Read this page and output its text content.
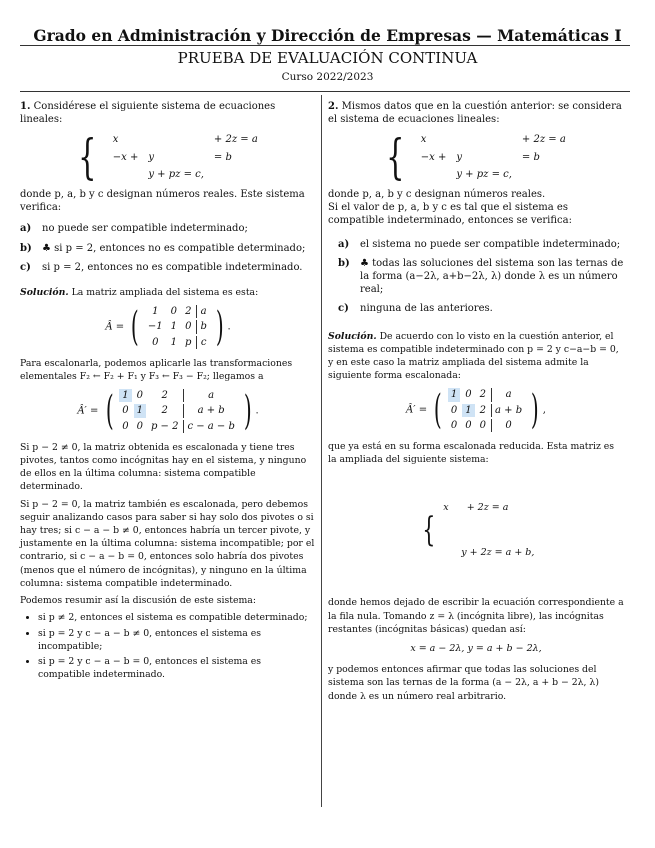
Grado en Administración y Dirección de Empresas — Matemáticas I
PRUEBA DE EVALUACIÓN CONTINUA
Curso 2022/2023

1. Considérese el siguiente sistema de ecuaciones lineales:

{ x		+ 2z = a
−x +	y	= b
	y + pz = c,	

donde p, a, b y c designan números reales. Este sistema verifica:

a)	no puede ser compatible indeterminado;
b)	♣ si p = 2, entonces no es compatible determinado;
c)	si p = 2, entonces no es compatible indeterminado.

Solución. La matriz ampliada del sistema es esta:

Â = ( 1	0	2	a
−1	1	0	b
0	1	p	c ) .

Para escalonarla, podemos aplicarle las transformaciones elementales F₂ ← F₂ + F₁ y F₃ ← F₃ − F₂; llegamos a

Â′ = ( 1	0	2	a
0	1	2	a + b
0	0	p − 2	c − a − b ) .

Si p − 2 ≠ 0, la matriz obtenida es escalonada y tiene tres pivotes, tantos como incógnitas hay en el sistema, y ninguno de ellos en la última columna: sistema compatible determinado.

Si p − 2 = 0, la matriz también es escalonada, pero debemos seguir analizando casos para saber si hay solo dos pivotes o si hay tres; si c − a − b ≠ 0, entonces habría un tercer pivote, y justamente en la última columna: sistema incompatible; por el contrario, si c − a − b = 0, entonces solo habría dos pivotes (menos que el número de incógnitas), y ninguno en la última columna: sistema compatible indeterminado.

Podemos resumir así la discusión de este sistema:

• si p ≠ 2, entonces el sistema es compatible determinado;
• si p = 2 y c − a − b ≠ 0, entonces el sistema es incompatible;
• si p = 2 y c − a − b = 0, entonces el sistema es compatible indeterminado.

2. Mismos datos que en la cuestión anterior: se considera el sistema de ecuaciones lineales:

{ x		+ 2z = a
−x +	y	= b
	y + pz = c,	

donde p, a, b y c designan números reales.

Si el valor de p, a, b y c es tal que el sistema es compatible indeterminado, entonces se verifica:

a)	el sistema no puede ser compatible indeterminado;
b)	♣ todas las soluciones del sistema son las ternas de la forma (a−2λ, a+b−2λ, λ) donde λ es un número real;
c)	ninguna de las anteriores.

Solución. De acuerdo con lo visto en la cuestión anterior, el sistema es compatible indeterminado con p = 2 y c−a−b = 0, y en este caso la matriz ampliada del sistema admite la siguiente forma escalonada:

Â′ = ( 1	0	2	a
0	1	2	a + b
0	0	0	0 ) ,

que ya está en su forma escalonada reducida. Esta matriz es la ampliada del siguiente sistema:

{

x      + 2z = a

y + 2z = a + b,

donde hemos dejado de escribir la ecuación correspondiente a la fila nula. Tomando z = λ (incógnita libre), las incógnitas restantes (incógnitas básicas) quedan así:

x = a − 2λ, y = a + b − 2λ,

y podemos entonces afirmar que todas las soluciones del sistema son las ternas de la forma (a − 2λ, a + b − 2λ, λ) donde λ es un número real arbitrario.
